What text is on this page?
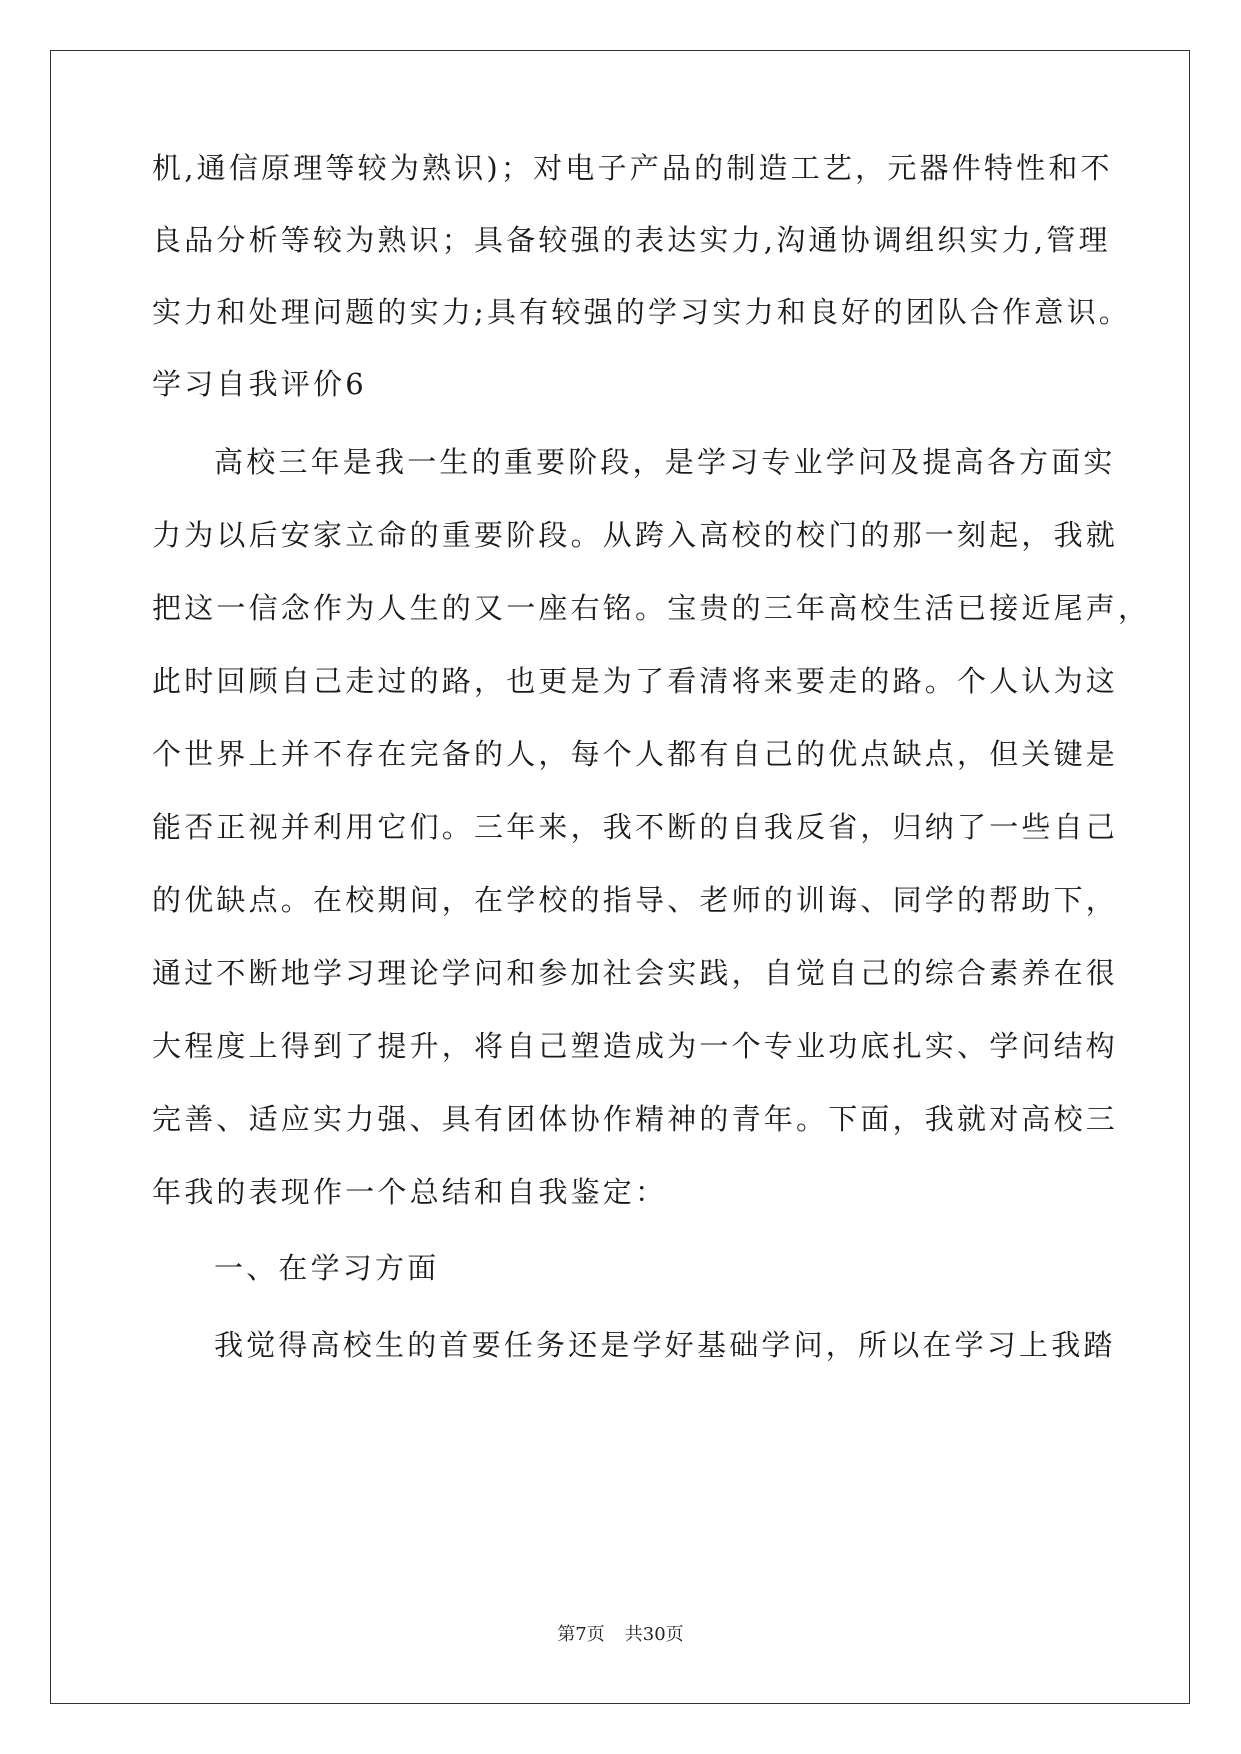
机,通信原理等较为熟识)；对电子产品的制造工艺，元器件特性和不
良品分析等较为熟识；具备较强的表达实力,沟通协调组织实力,管理
实力和处理问题的实力;具有较强的学习实力和良好的团队合作意识。
学习自我评价6
高校三年是我一生的重要阶段，是学习专业学问及提高各方面实
力为以后安家立命的重要阶段。从跨入高校的校门的那一刻起，我就
把这一信念作为人生的又一座右铭。宝贵的三年高校生活已接近尾声，
此时回顾自己走过的路，也更是为了看清将来要走的路。个人认为这
个世界上并不存在完备的人，每个人都有自己的优点缺点，但关键是
能否正视并利用它们。三年来，我不断的自我反省，归纳了一些自己
的优缺点。在校期间，在学校的指导、老师的训诲、同学的帮助下，
通过不断地学习理论学问和参加社会实践，自觉自己的综合素养在很
大程度上得到了提升，将自己塑造成为一个专业功底扎实、学问结构
完善、适应实力强、具有团体协作精神的青年。下面，我就对高校三
年我的表现作一个总结和自我鉴定：
一、在学习方面
我觉得高校生的首要任务还是学好基础学问，所以在学习上我踏
第7页 共30页
